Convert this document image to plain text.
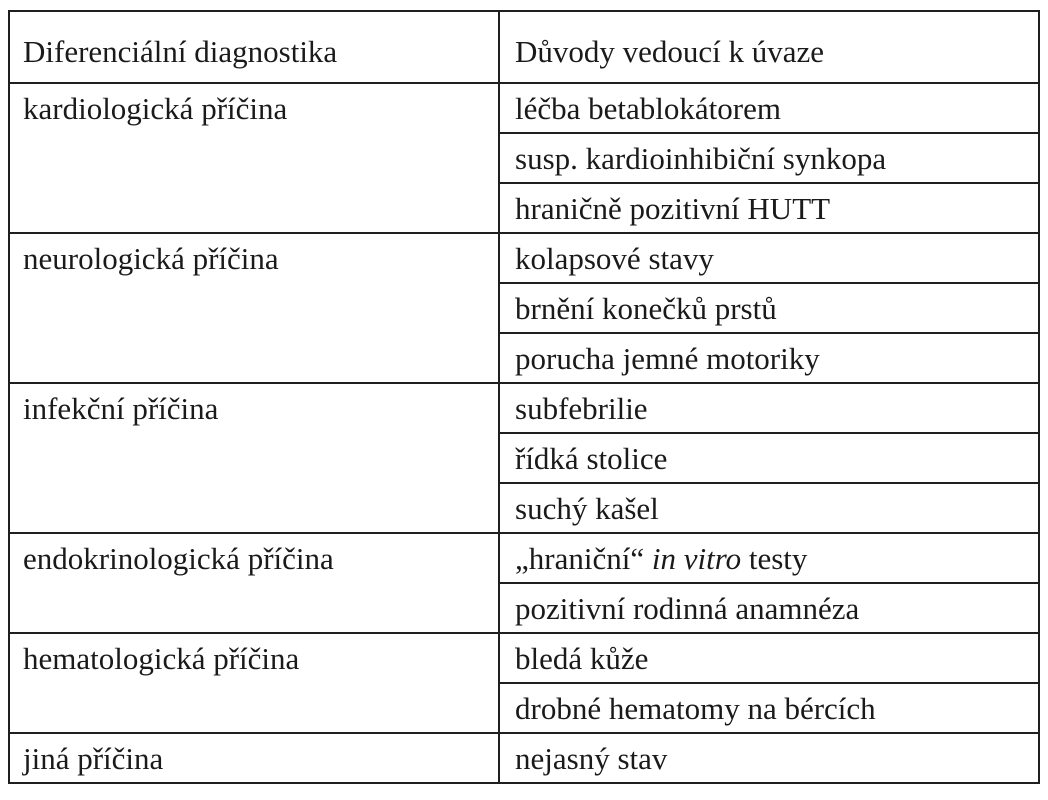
Diferenciální diagnostika	Důvody vedoucí k úvaze
kardiologická příčina	léčba betablokátorem
	susp. kardioinhibiční synkopa
	hraničně pozitivní HUTT
neurologická příčina	kolapsové stavy
	brnění konečků prstů
	porucha jemné motoriky
infekční příčina	subfebrilie
	řídká stolice
	suchý kašel
endokrinologická příčina	„hraniční“ in vitro testy
	pozitivní rodinná anamnéza
hematologická příčina	bledá kůže
	drobné hematomy na bércích
jiná příčina	nejasný stav
